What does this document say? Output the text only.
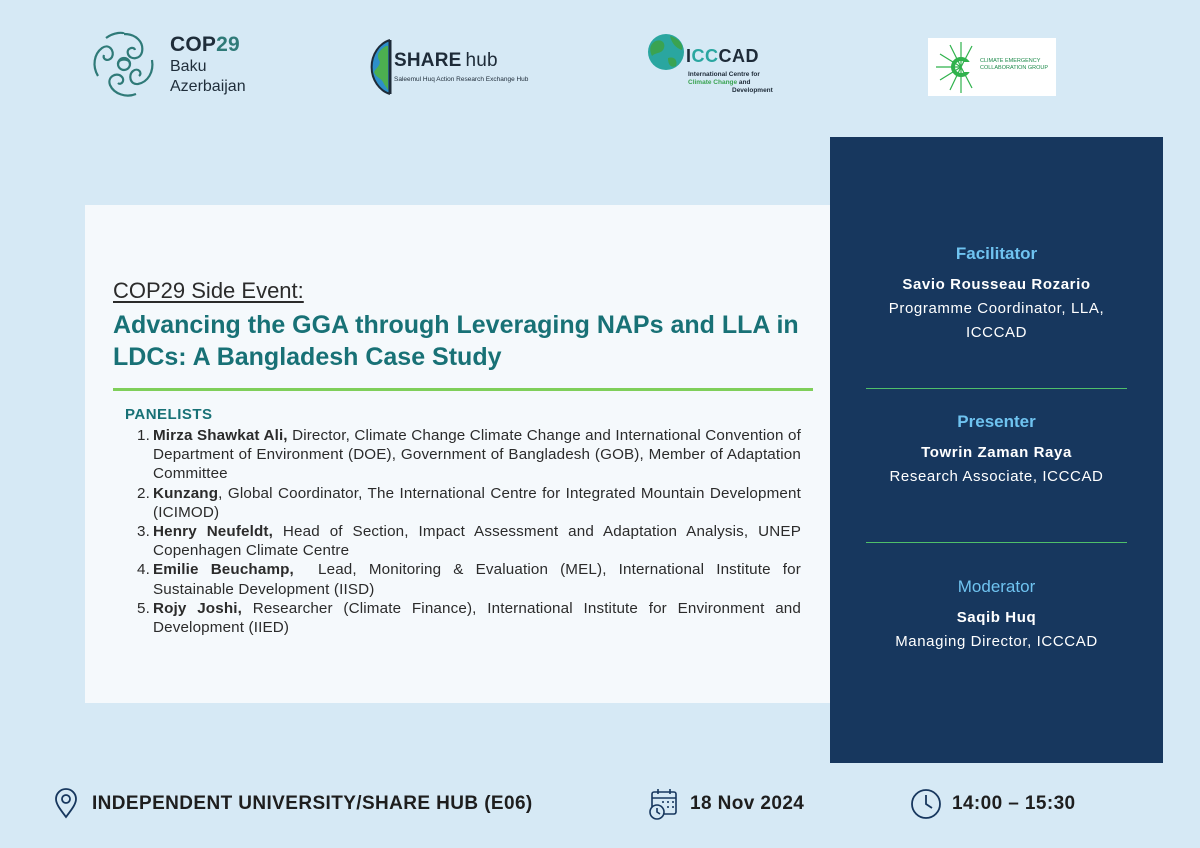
COP29
Baku
Azerbaijan
SHARE hub
Saleemul Huq Action Research Exchange Hub
ICCCAD
International Centre for
Climate Change and
Development
CLIMATE EMERGENCY
COLLABORATION GROUP
COP29 Side Event:
Advancing the GGA through Leveraging NAPs and LLA in LDCs: A Bangladesh Case Study
PANELISTS
1. Mirza Shawkat Ali, Director, Climate Change Climate Change and International Convention of Department of Environment (DOE), Government of Bangladesh (GOB), Member of Adaptation Committee
2. Kunzang, Global Coordinator, The International Centre for Integrated Mountain Development (ICIMOD)
3. Henry Neufeldt, Head of Section, Impact Assessment and Adaptation Analysis, UNEP Copenhagen Climate Centre
4. Emilie Beuchamp,  Lead, Monitoring & Evaluation (MEL), International Institute for Sustainable Development (IISD)
5. Rojy Joshi, Researcher (Climate Finance), International Institute for Environment and Development (IIED)
Facilitator
Savio Rousseau Rozario
Programme Coordinator, LLA,
ICCCAD
Presenter
Towrin Zaman Raya
Research Associate, ICCCAD
Moderator
Saqib Huq
Managing Director, ICCCAD
INDEPENDENT UNIVERSITY/SHARE HUB (E06)	18 Nov 2024	14:00 – 15:30
